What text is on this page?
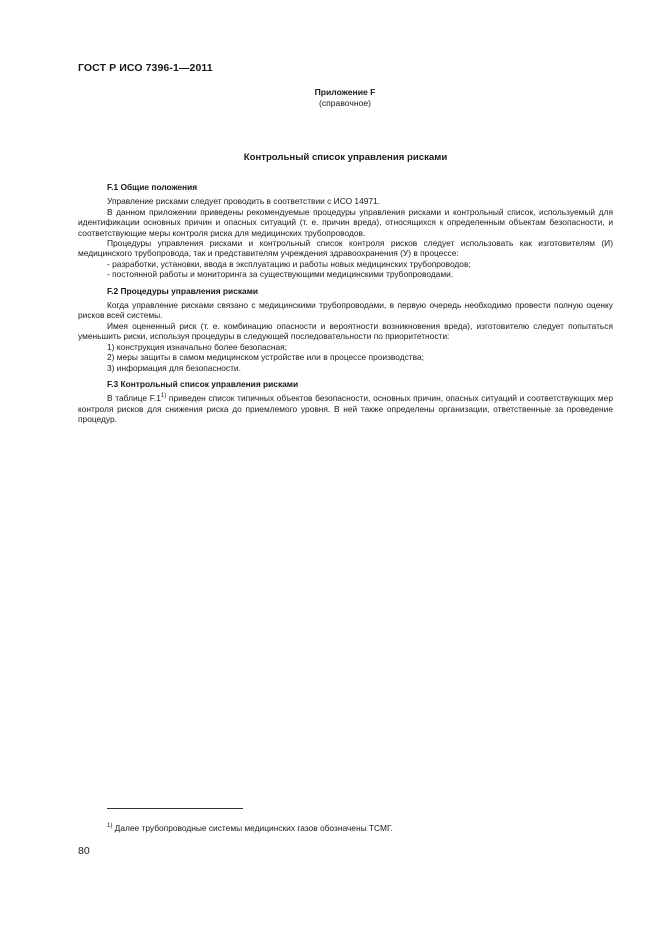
ГОСТ Р ИСО 7396-1—2011
Приложение F
(справочное)
Контрольный список управления рисками
F.1 Общие положения

Управление рисками следует проводить в соответствии с ИСО 14971.

В данном приложении приведены рекомендуемые процедуры управления рисками и контрольный список, используемый для идентификации основных причин и опасных ситуаций (т. е. причин вреда), относящихся к определенным объектам безопасности, и соответствующие меры контроля риска для медицинских трубопроводов.

Процедуры управления рисками и контрольный список контроля рисков следует использовать как изготовителям (И) медицинского трубопровода, так и представителям учреждения здравоохранения (У) в процессе:

- разработки, установки, ввода в эксплуатацию и работы новых медицинских трубопроводов;

- постоянной работы и мониторинга за существующими медицинскими трубопроводами.

F.2 Процедуры управления рисками

Когда управление рисками связано с медицинскими трубопроводами, в первую очередь необходимо провести полную оценку рисков всей системы.

Имея оцененный риск (т. е. комбинацию опасности и вероятности возникновения вреда), изготовителю следует попытаться уменьшить риски, используя процедуры в следующей последовательности по приоритетности:

1) конструкция изначально более безопасная;

2) меры защиты в самом медицинском устройстве или в процессе производства;

3) информация для безопасности.

F.3 Контрольный список управления рисками

В таблице F.1$^{1)}$ приведен список типичных объектов безопасности, основных причин, опасных ситуаций и соответствующих мер контроля рисков для снижения риска до приемлемого уровня. В ней также определены организации, ответственные за проведение процедур.

$^{1)}$ Далее трубопроводные системы медицинских газов обозначены ТСМГ.
80
